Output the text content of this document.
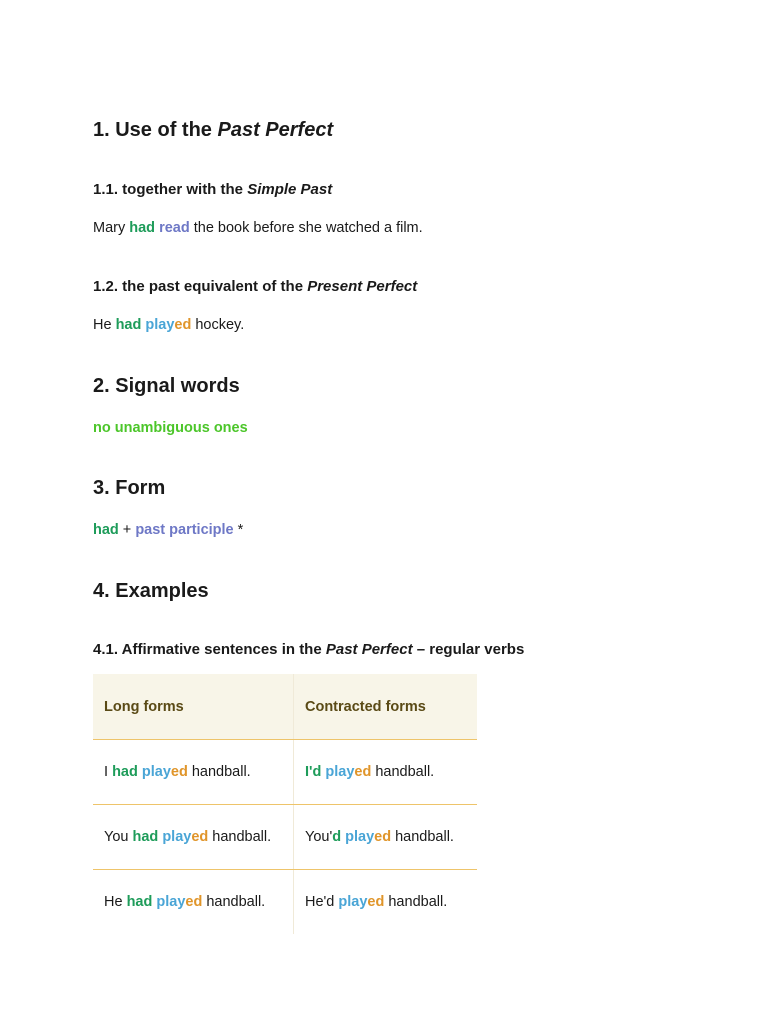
1. Use of the Past Perfect
1.1. together with the Simple Past

Mary had read the book before she watched a film.

1.2. the past equivalent of the Present Perfect

He had played hockey.

2. Signal words

no unambiguous ones

3. Form

had + past participle *

4. Examples
4.1. Affirmative sentences in the Past Perfect – regular verbs
Long forms	Contracted forms
I had played handball.	I'd played handball.
You had played handball.	You'd played handball.
He had played handball.	He'd played handball.
